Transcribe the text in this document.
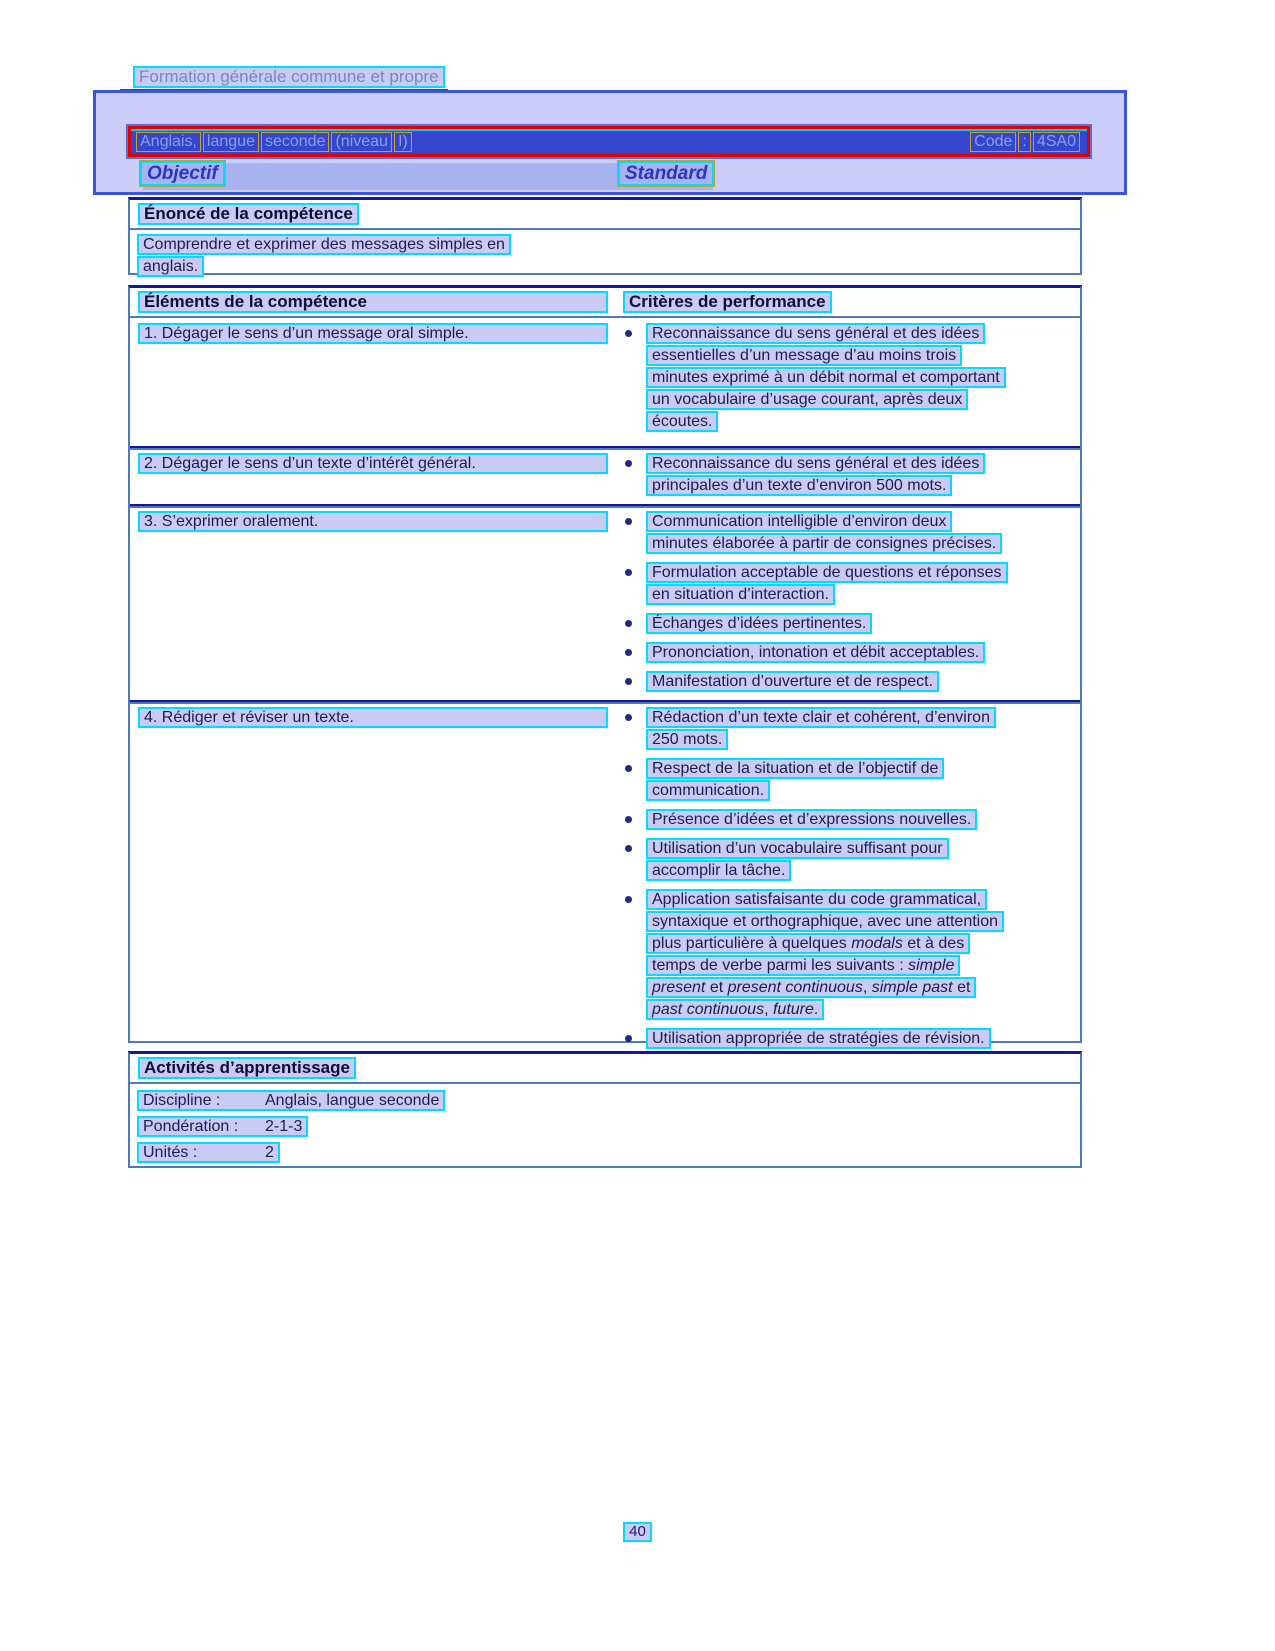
Formation générale commune et propre
Anglais, langue seconde (niveau I)	Code : 4SA0
Objectif	Standard
Énoncé de la compétence
Comprendre et exprimer des messages simples en
anglais.
Éléments de la compétence	Critères de performance
1. Dégager le sens d’un message oral simple.	Reconnaissance du sens général et des idées
essentielles d’un message d’au moins trois
minutes exprimé à un débit normal et comportant
un vocabulaire d’usage courant, après deux
écoutes.
2. Dégager le sens d’un texte d’intérêt général.	Reconnaissance du sens général et des idées
principales d’un texte d’environ 500 mots.
3. S’exprimer oralement.	Communication intelligible d’environ deux
minutes élaborée à partir de consignes précises.
Formulation acceptable de questions et réponses
en situation d’interaction.
Échanges d’idées pertinentes.
Prononciation, intonation et débit acceptables.
Manifestation d’ouverture et de respect.
4. Rédiger et réviser un texte.	Rédaction d’un texte clair et cohérent, d’environ
250 mots.
Respect de la situation et de l’objectif de
communication.
Présence d’idées et d’expressions nouvelles.
Utilisation d’un vocabulaire suffisant pour
accomplir la tâche.
Application satisfaisante du code grammatical,
syntaxique et orthographique, avec une attention
plus particulière à quelques modals et à des
temps de verbe parmi les suivants : simple
present et present continuous, simple past et
past continuous, future.
Utilisation appropriée de stratégies de révision.
Activités d’apprentissage
Discipline :	Anglais, langue seconde
Pondération : 2-1-3
Unités :	2
40
